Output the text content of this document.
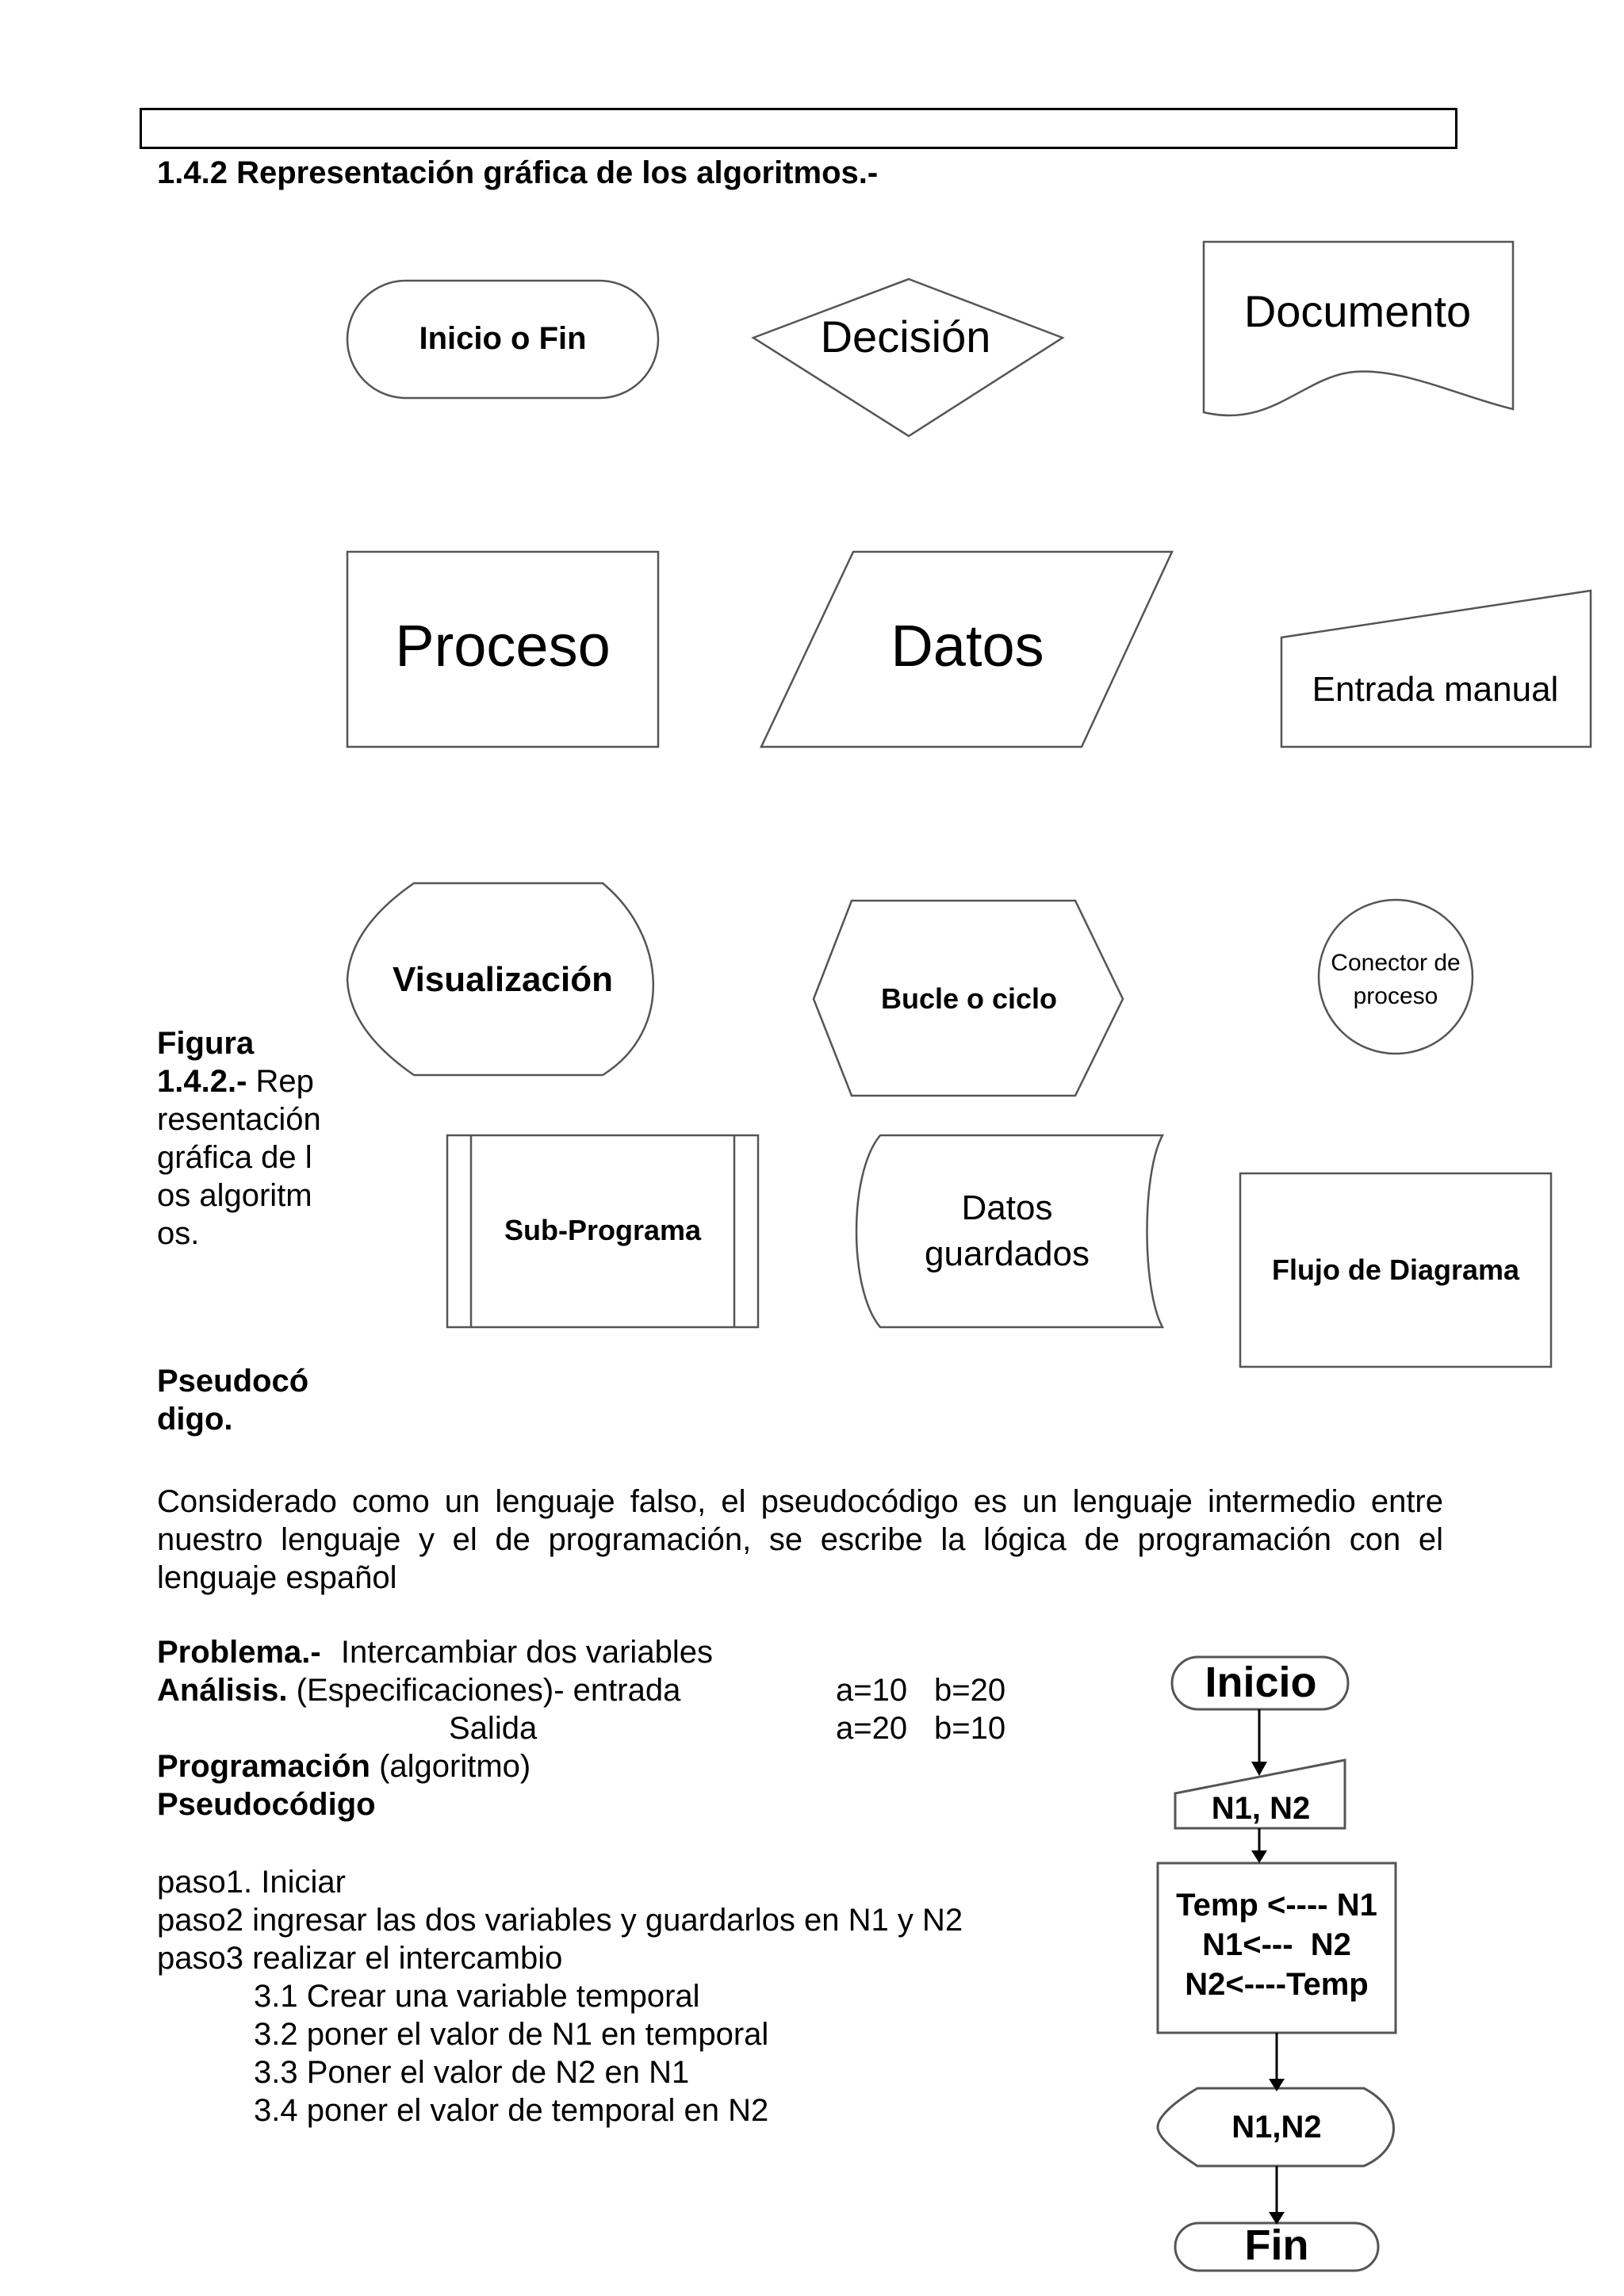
1.4.2 Representación gráfica de los algoritmos.-
Inicio o Fin	Decisión
Documento
Proceso	Datos
Entrada manual
Visualización	Bucle o ciclo
Conector de
proceso
Sub-Programa
Datos
guardados	Flujo de Diagrama
Inicio
N1, N2
Temp <---- N1
N1<---  N2
N2<----Temp
N1,N2
Fin
Figura 1.4.2.- Representación gráfica de los algoritmos.
Pseudocódigo.
Considerado como un lenguaje falso, el pseudocódigo es un lenguaje intermedio entre nuestro lenguaje y el de programación, se escribe la lógica de programación con el lenguaje español
Problema.- Intercambiar dos variables
Análisis. (Especificaciones)- entrada	a=10 b=20
Salida	a=20 b=10
Programación (algoritmo)
Pseudocódigo
paso1. Iniciar
paso2 ingresar las dos variables y guardarlos en N1 y N2
paso3 realizar el intercambio
3.1 Crear una variable temporal
3.2 poner el valor de N1 en temporal
3.3 Poner el valor de N2 en N1
3.4 poner el valor de temporal en N2
